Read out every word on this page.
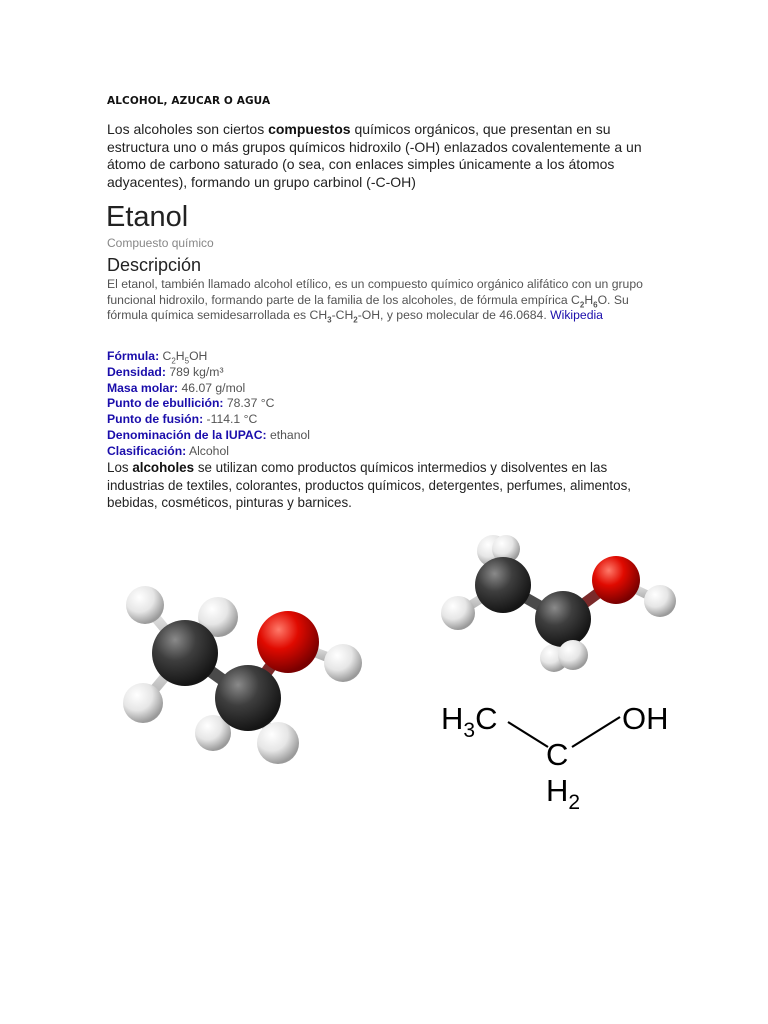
ALCOHOL, AZUCAR O AGUA
Los alcoholes son ciertos compuestos químicos orgánicos, que presentan en su estructura uno o más grupos químicos hidroxilo (-OH) enlazados covalentemente a un átomo de carbono saturado (o sea, con enlaces simples únicamente a los átomos adyacentes), formando un grupo carbinol (-C-OH)
Etanol
Compuesto químico
Descripción
El etanol, también llamado alcohol etílico, es un compuesto químico orgánico alifático con un grupo funcional hidroxilo, formando parte de la familia de los alcoholes, de fórmula empírica $C_2H_6O$. Su fórmula química semidesarrollada es $CH_3-CH_2-OH$, y peso molecular de 46.0684. Wikipedia
Fórmula: $C_2H_5OH$
Densidad: 789 kg/m³
Masa molar: 46.07 g/mol
Punto de ebullición: 78.37 °C
Punto de fusión: -114.1 °C
Denominación de la IUPAC: ethanol
Clasificación: Alcohol
Los alcoholes se utilizan como productos químicos intermedios y disolventes en las industrias de textiles, colorantes, productos químicos, detergentes, perfumes, alimentos, bebidas, cosméticos, pinturas y barnices.
$H_3C$	OH
C
$H_2$
